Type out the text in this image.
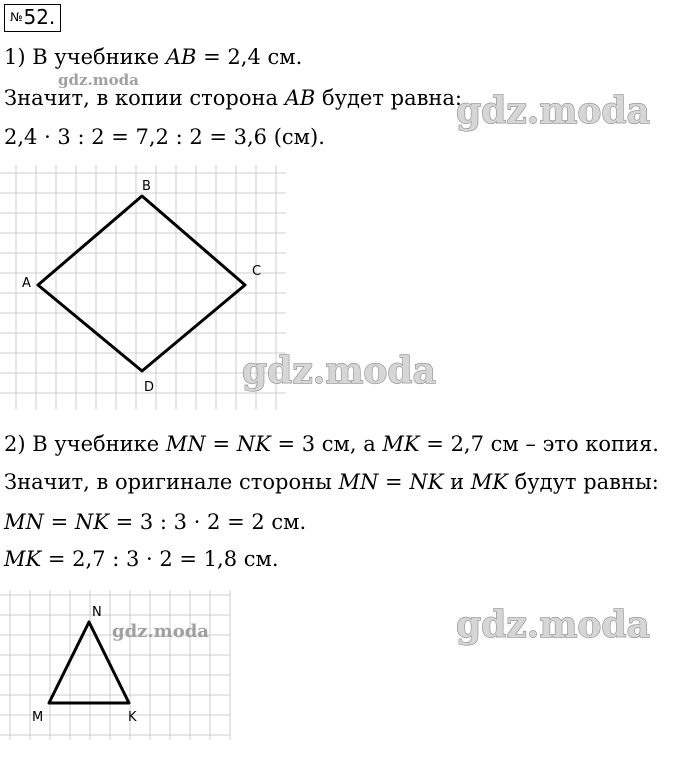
№52.
1) В учебнике AB = 2,4 см.
Значит, в копии сторона AB будет равна:
2,4 · 3 : 2 = 7,2 : 2 = 3,6 (см).
A
B
C
D
2) В учебнике MN = NK = 3 см, а MK = 2,7 см – это копия.
Значит, в оригинале стороны MN = NK и MK будут равны:
MN = NK = 3 : 3 · 2 = 2 см.
MK = 2,7 : 3 · 2 = 1,8 см.
N
M	K
gdz.moda
gdz.moda
gdz.moda
gdz.moda
gdz.moda
